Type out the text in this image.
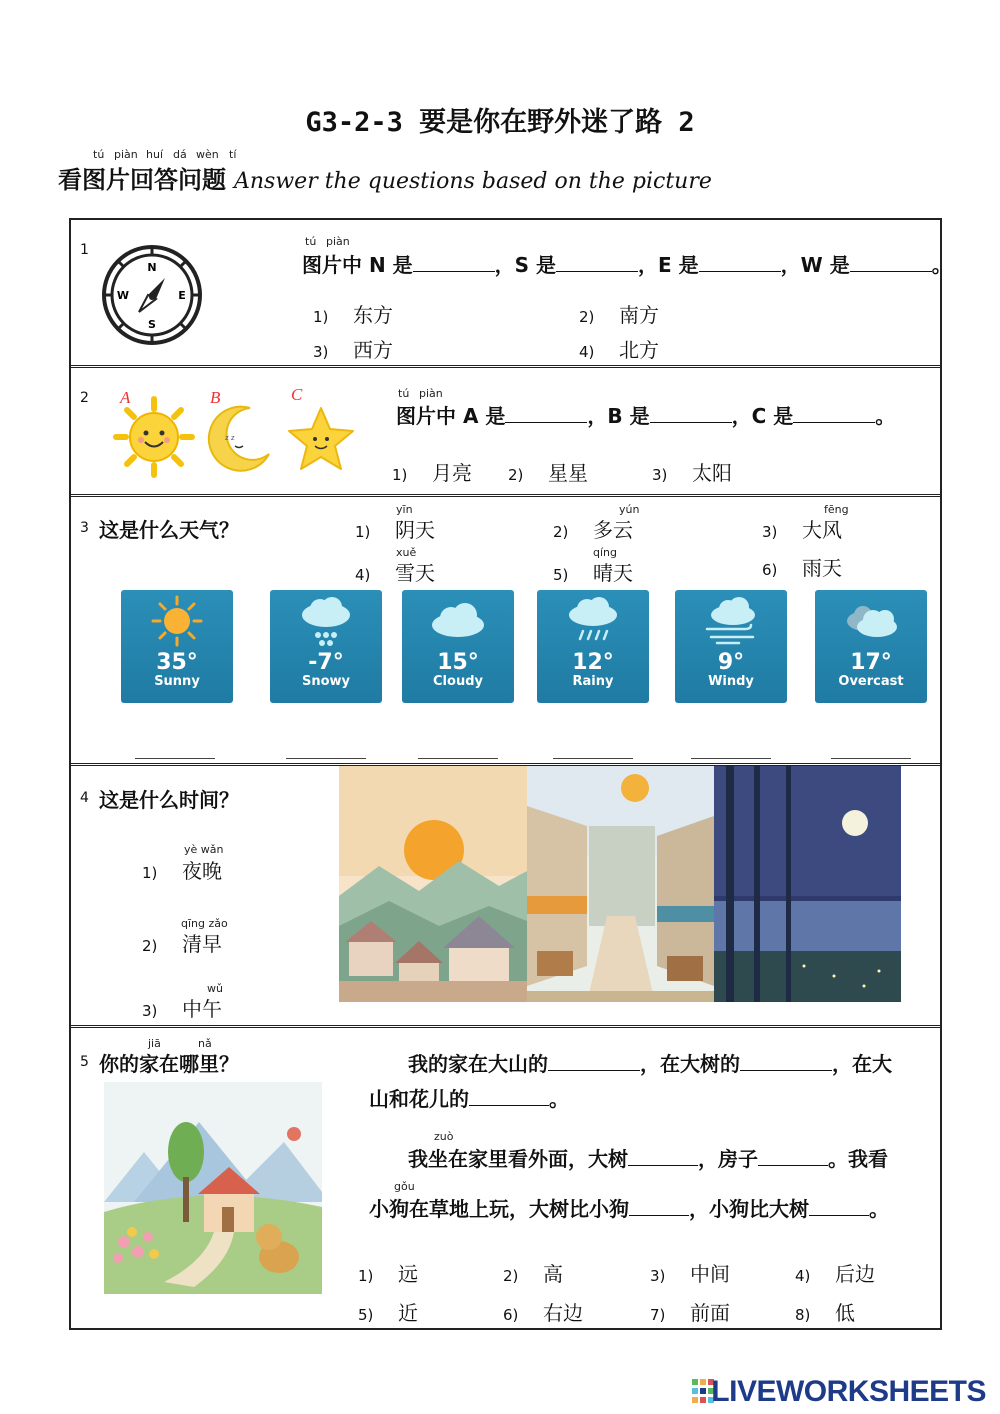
G3-2-3 要是你在野外迷了路 2
tú piàn huí dá wèn tí
看图片回答问题 Answer the questions based on the picture
1
N
E
S
W
tú piàn
图片中 N 是	，S 是	，E 是	，W 是	。
1) 东方	2) 南方
3) 西方	4) 北方
2 A	B	C
z z
tú piàn
图片中 A 是	，B 是	，C 是	。
1) 月亮 2) 星星	3) 太阳
3 这是什么天气？
yīn	yún	fēng
xuě	qíng
1) 阴天	2) 多云	3) 大风
4) 雪天	5) 晴天	6) 雨天
35°
Sunny
-7°
Snowy
15°
Cloudy
12°
Rainy
9°
Windy
17°
Overcast
4 这是什么时间？
yè wǎn
qīng zǎo
wǔ
1) 夜晚
2) 清早
3) 中午
5
jiā	nǎ
你的家在哪里？	我的家在大山的	，在大树的	，在大
山和花儿的	。
zuò
我坐在家里看外面，大树	，房子	。我看
gǒu
小狗在草地上玩，大树比小狗	，小狗比大树	。
1) 远	2) 高	3) 中间	4) 后边
5) 近	6) 右边	7) 前面	8) 低
LIVEWORKSHEETS
